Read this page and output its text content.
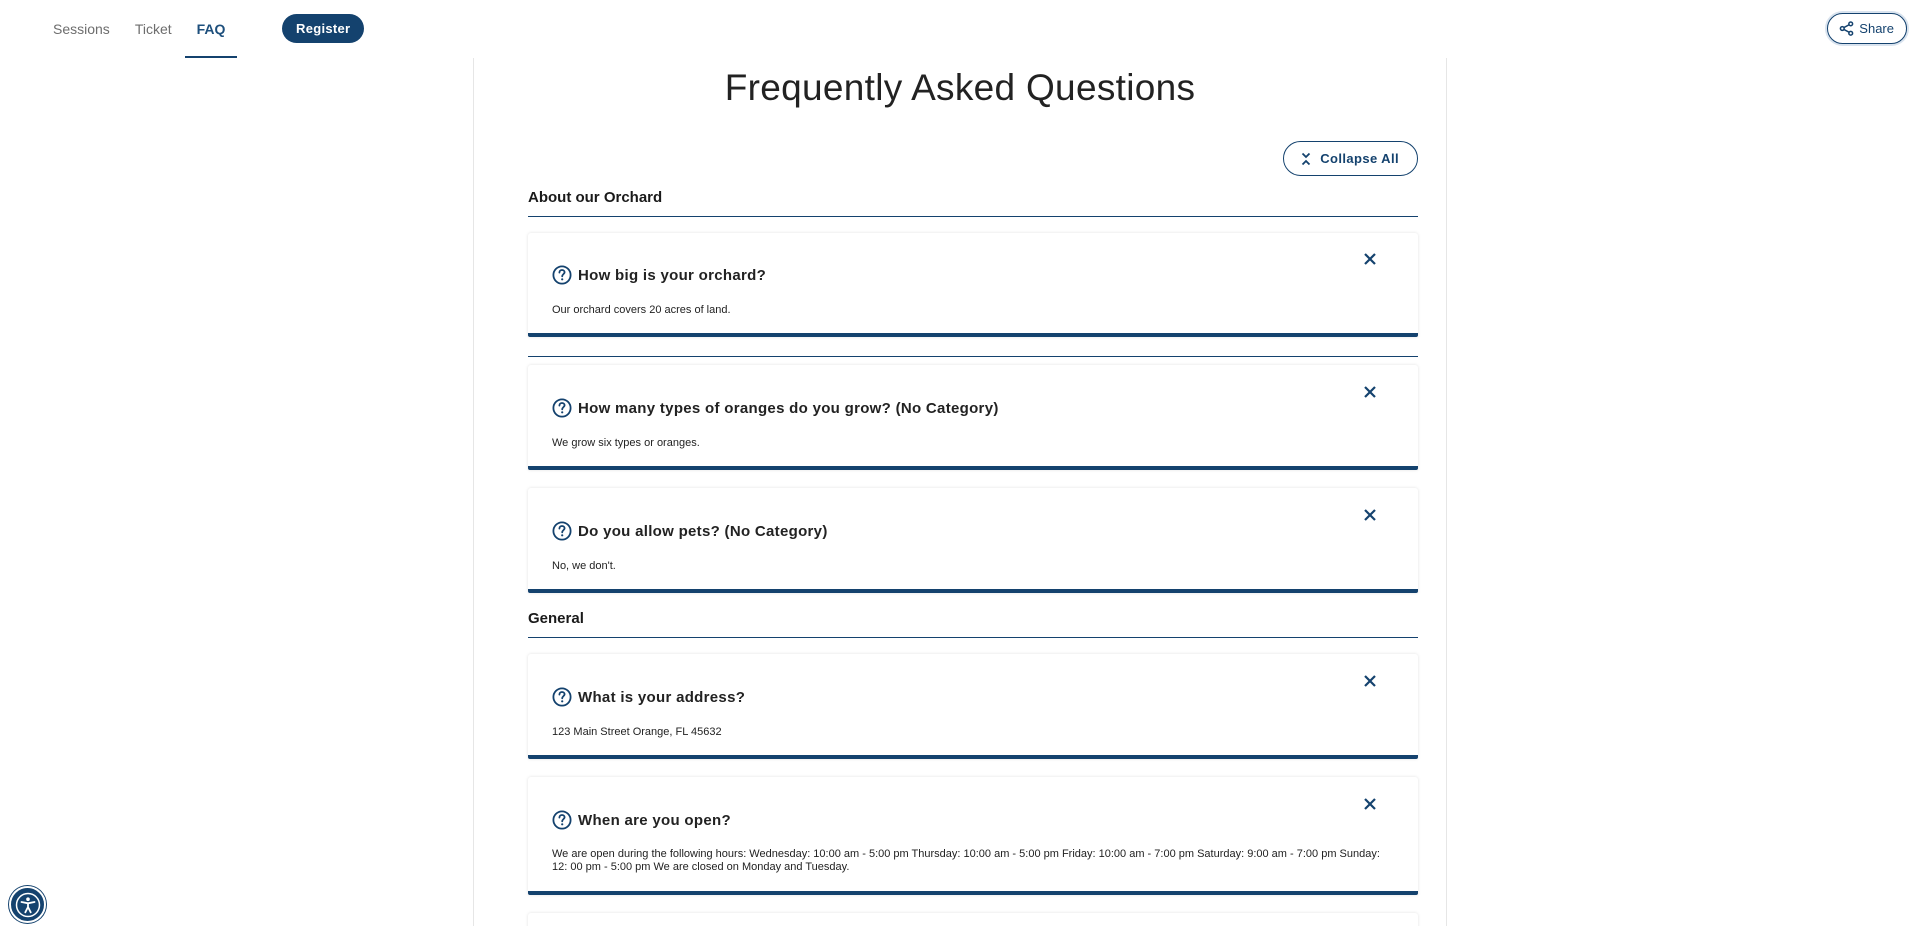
Sessions	Ticket	FAQ	Register	Share
Frequently Asked Questions
Collapse All
About our Orchard
How big is your orchard?
Our orchard covers 20 acres of land.
How many types of oranges do you grow? (No Category)
We grow six types or oranges.
Do you allow pets? (No Category)
No, we don't.
General
What is your address?
123 Main Street Orange, FL 45632
When are you open?
We are open during the following hours: Wednesday: 10:00 am - 5:00 pm Thursday: 10:00 am - 5:00 pm Friday: 10:00 am - 7:00 pm Saturday: 9:00 am - 7:00 pm Sunday: 12: 00 pm - 5:00 pm We are closed on Monday and Tuesday.
